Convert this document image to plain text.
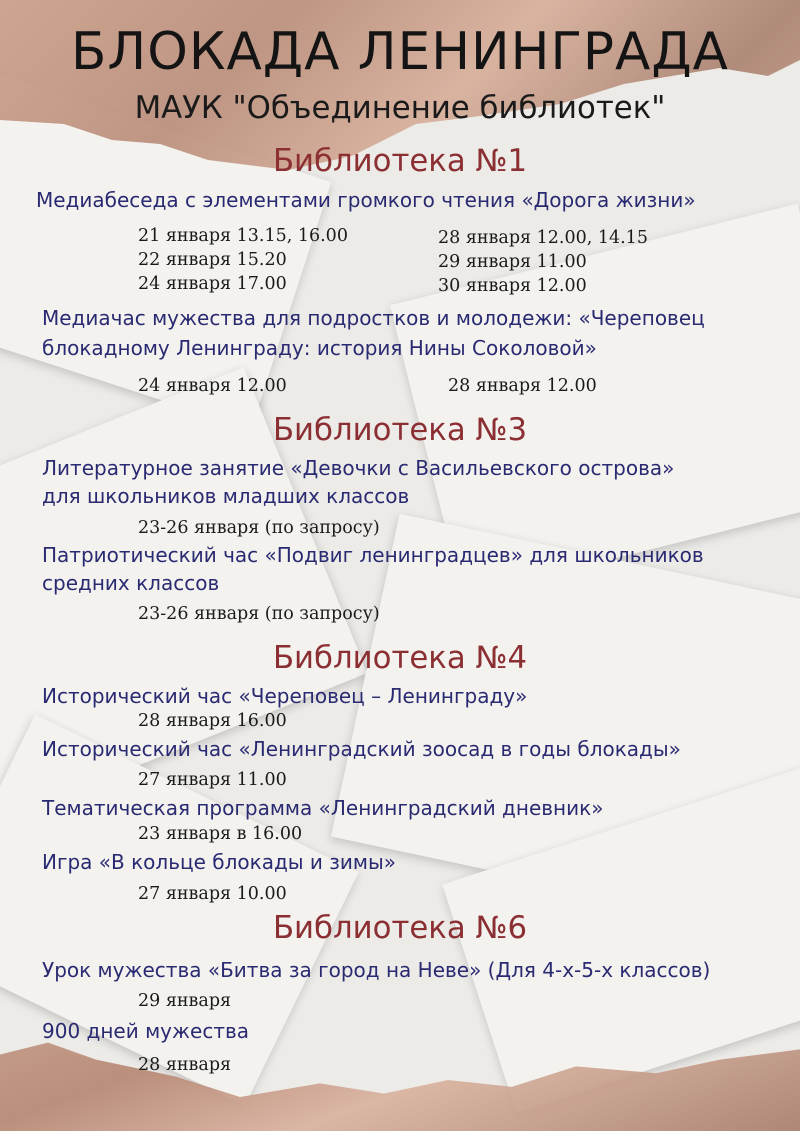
БЛОКАДА ЛЕНИНГРАДА
МАУК "Объединение библиотек"
Библиотека №1
Медиабеседа с элементами громкого чтения «Дорога жизни»
21 января 13.15, 16.00
22 января 15.20
24 января 17.00
28 января 12.00, 14.15
29 января 11.00
30 января 12.00
Медиачас мужества для подростков и молодежи: «Череповец
блокадному Ленинграду: история Нины Соколовой»
24 января 12.00	28 января 12.00
Библиотека №3
Литературное занятие «Девочки с Васильевского острова»
для школьников младших классов
23-26 января (по запросу)
Патриотический час «Подвиг ленинградцев» для школьников
средних классов
23-26 января (по запросу)
Библиотека №4
Исторический час «Череповец – Ленинграду»
28 января 16.00
Исторический час «Ленинградский зоосад в годы блокады»
27 января 11.00
Тематическая программа «Ленинградский дневник»
23 января в 16.00
Игра «В кольце блокады и зимы»
27 января 10.00
Библиотека №6
Урок мужества «Битва за город на Неве» (Для 4-х-5-х классов)
29 января
900 дней мужества
28 января
